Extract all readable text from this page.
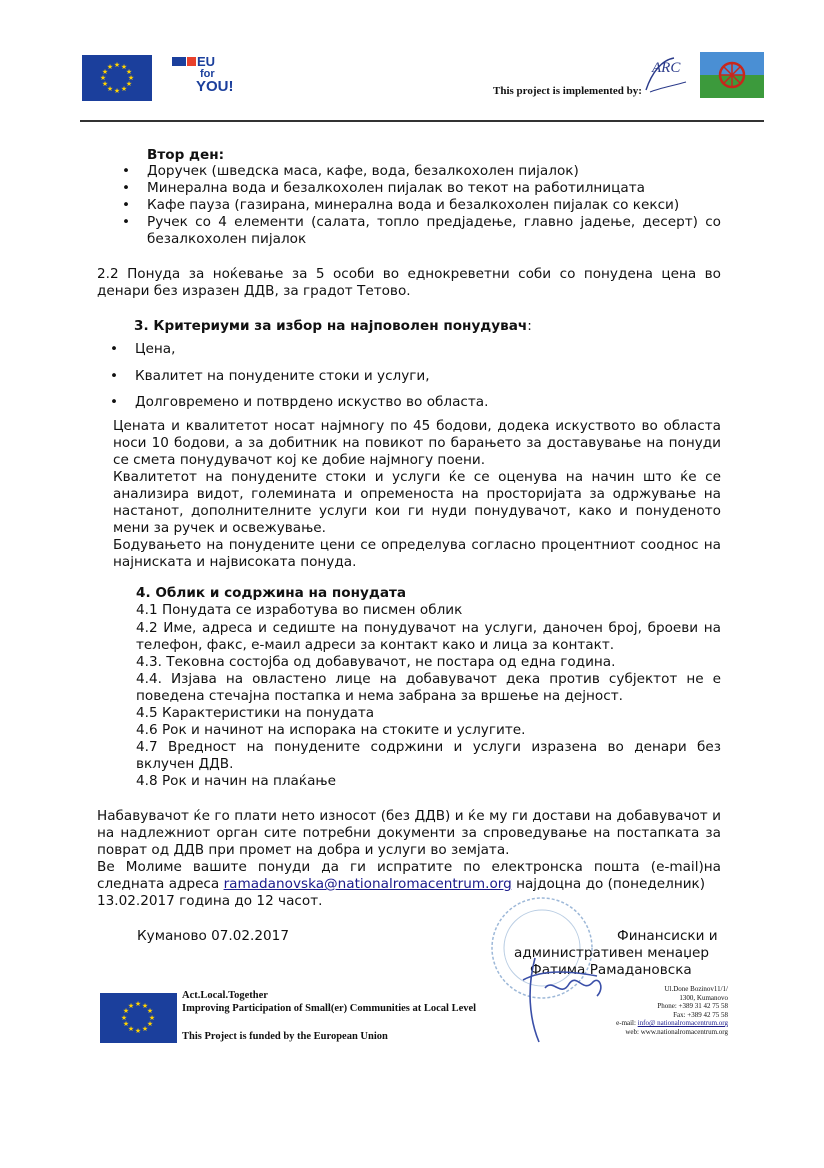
★ ★
★
★
★
★
★
★
★
★
★
★	EU
for
YOU!	This project is implemented by:
ARC
Втор ден:
• Доручек (шведска маса, кафе, вода, безалкохолен пијалок)
• Минерална вода и безалкохолен пијалак во текот на работилницата
• Кафе пауза (газирана, минерална вода и безалкохолен пијалак со кекси)
• Ручек со 4 елементи (салата, топло предјадење, главно јадење, десерт) со
безалкохолен пијалок
2.2 Понуда за ноќевање за 5 особи во еднокреветни соби со понудена цена во
денари без изразен ДДВ, за градот Тетово.
3. Критериуми за избор на најповолен понудувач:
• Цена,
• Квалитет на понудените стоки и услуги,
• Долговремено и потврдено искуство во областа.
Цената и квалитетот носат најмногу по 45 бодови, додека искуството во областа
носи 10 бодови, а за добитник на повикот по барањето за доставување на понуди
се смета понудувачот кој ке добие најмногу поени.
Квалитетот на понудените стоки и услуги ќе се оценува на начин што ќе се
анализира видот, големината и опременоста на просторијата за одржување на
настанот, дополнителните услуги кои ги нуди понудувачот, како и понуденото
мени за ручек и освежување.
Бодувањето на понудените цени се определува согласно процентниот сооднос на
најниската и највисоката понуда.
4. Облик и содржина на понудата
4.1 Понудата се изработува во писмен облик
4.2 Име, адреса и седиште на понудувачот на услуги, даночен број, броеви на
телефон, факс, е-маил адреси за контакт како и лица за контакт.
4.3. Тековна состојба од добавувачот, не постара од една година.
4.4. Изјава на овластено лице на добавувачот дека против субјектот не е
поведена стечајна постапка и нема забрана за вршење на дејност.
4.5 Карактеристики на понудата
4.6 Рок и начинот на испорака на стоките и услугите.
4.7 Вредност на понудените содржини и услуги изразена во денари без
вклучен ДДВ.
4.8 Рок и начин на плаќање
Набавувачот ќе го плати нето износот (без ДДВ) и ќе му ги достави на добавувачот и
на надлежниот орган сите потребни документи за спроведување на постапката за
поврат од ДДВ при промет на добра и услуги во земјата.
Ве Молиме вашите понуди да ги испратите по електронска пошта (e-mail)на
следната адреса ramadanovska@nationalromacentrum.org најдоцна до (понеделник)
13.02.2017 година до 12 часот.
Куманово 07.02.2017	Финансиски и
административен менаџер
Фатима Рамадановска
★ ★
★
★
★
★
★
★
★
★
★
★
Act.Local.Together
Improving Participation of Small(er) Communities at Local Level
This Project is funded by the European Union
Ul.Done Bozinov11/1/
1300, Kumanovo
Phone: +389 31 42 75 58
Fax: +389 42 75 58
e-mail: info@ nationalromacentrum.org
web: www.nationalromacentrum.org
